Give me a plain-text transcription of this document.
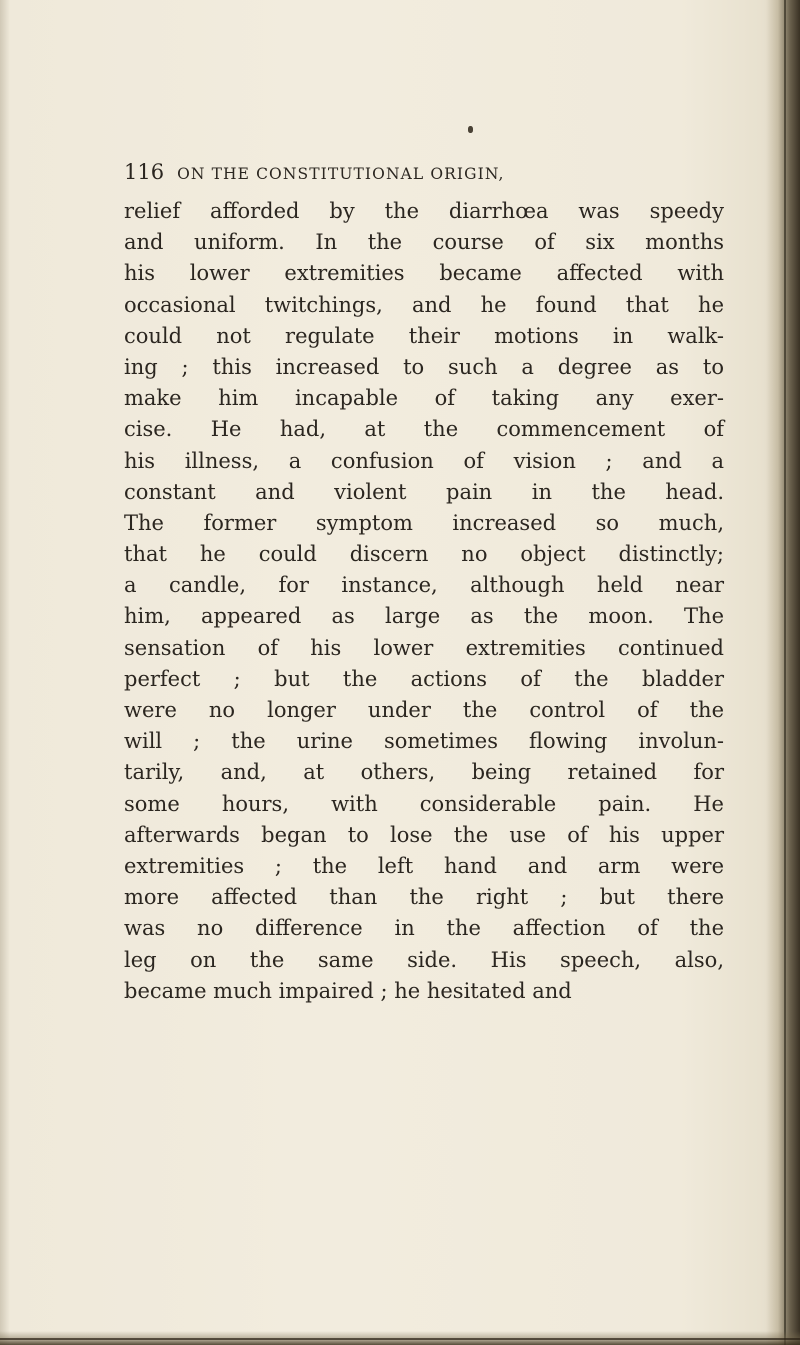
116 ON THE CONSTITUTIONAL ORIGIN,
relief afforded by the diarrhœa was speedy
and uniform. In the course of six months
his lower extremities became affected with
occasional twitchings, and he found that he
could not regulate their motions in walk-
ing ; this increased to such a degree as to
make him incapable of taking any exer-
cise. He had, at the commencement of
his illness, a confusion of vision ; and a
constant and violent pain in the head.
The former symptom increased so much,
that he could discern no object distinctly;
a candle, for instance, although held near
him, appeared as large as the moon. The
sensation of his lower extremities continued
perfect ; but the actions of the bladder
were no longer under the control of the
will ; the urine sometimes flowing involun-
tarily, and, at others, being retained for
some hours, with considerable pain. He
afterwards began to lose the use of his upper
extremities ; the left hand and arm were
more affected than the right ; but there
was no difference in the affection of the
leg on the same side. His speech, also,
became much impaired ; he hesitated and
